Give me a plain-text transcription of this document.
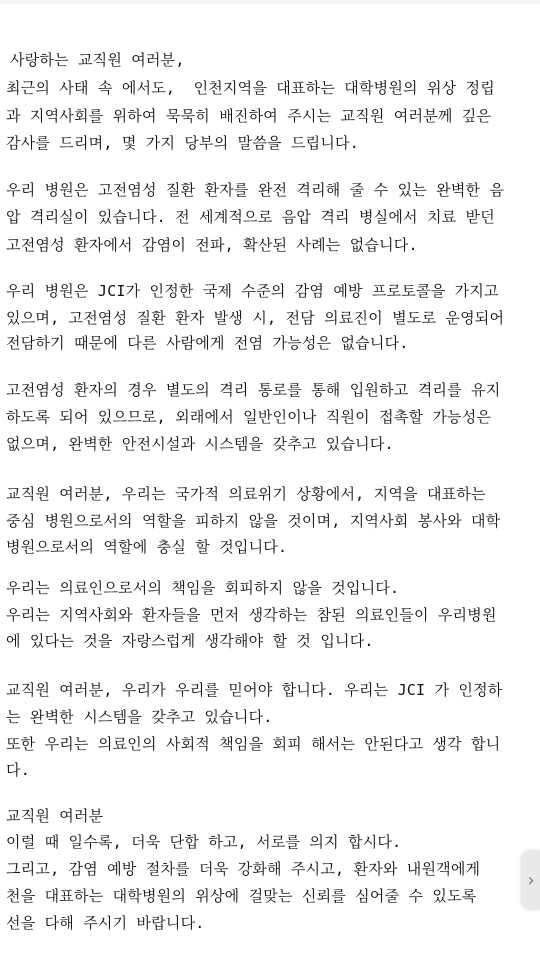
사랑하는 교직원 여러분,
최근의 사태 속 에서도,  인천지역을 대표하는 대학병원의 위상 정립
과 지역사회를 위하여 묵묵히 배진하여 주시는 교직원 여러분께 깊은
감사를 드리며, 몇 가지 당부의 말씀을 드립니다.
우리 병원은 고전염성 질환 환자를 완전 격리해 줄 수 있는 완벽한 음
압 격리실이 있습니다. 전 세계적으로 음압 격리 병실에서 치료 받던
고전염성 환자에서 감염이 전파, 확산된 사례는 없습니다.
우리 병원은 JCI가 인정한 국제 수준의 감염 예방 프로토콜을 가지고
있으며, 고전염성 질환 환자 발생 시, 전담 의료진이 별도로 운영되어
전담하기 때문에 다른 사람에게 전염 가능성은 없습니다.
고전염성 환자의 경우 별도의 격리 통로를 통해 입원하고 격리를 유지
하도록 되어 있으므로, 외래에서 일반인이나 직원이 접촉할 가능성은
없으며, 완벽한 안전시설과 시스템을 갖추고 있습니다.
교직원 여러분, 우리는 국가적 의료위기 상황에서, 지역을 대표하는
중심 병원으로서의 역할을 피하지 않을 것이며, 지역사회 봉사와 대학
병원으로서의 역할에 충실 할 것입니다.
우리는 의료인으로서의 책임을 회피하지 않을 것입니다.
우리는 지역사회와 환자들을 먼저 생각하는 참된 의료인들이 우리병원
에 있다는 것을 자랑스럽게 생각해야 할 것 입니다.
교직원 여러분, 우리가 우리를 믿어야 합니다. 우리는 JCI 가 인정하
는 완벽한 시스템을 갖추고 있습니다.
또한 우리는 의료인의 사회적 책임을 회피 해서는 안된다고 생각 합니
다.
교직원 여러분
이럴 때 일수록, 더욱 단합 하고, 서로를 의지 합시다.
그리고, 감염 예방 절차를 더욱 강화해 주시고, 환자와 내원객에게
천을 대표하는 대학병원의 위상에 걸맞는 신뢰를 심어줄 수 있도록
선을 다해 주시기 바랍니다.
›
